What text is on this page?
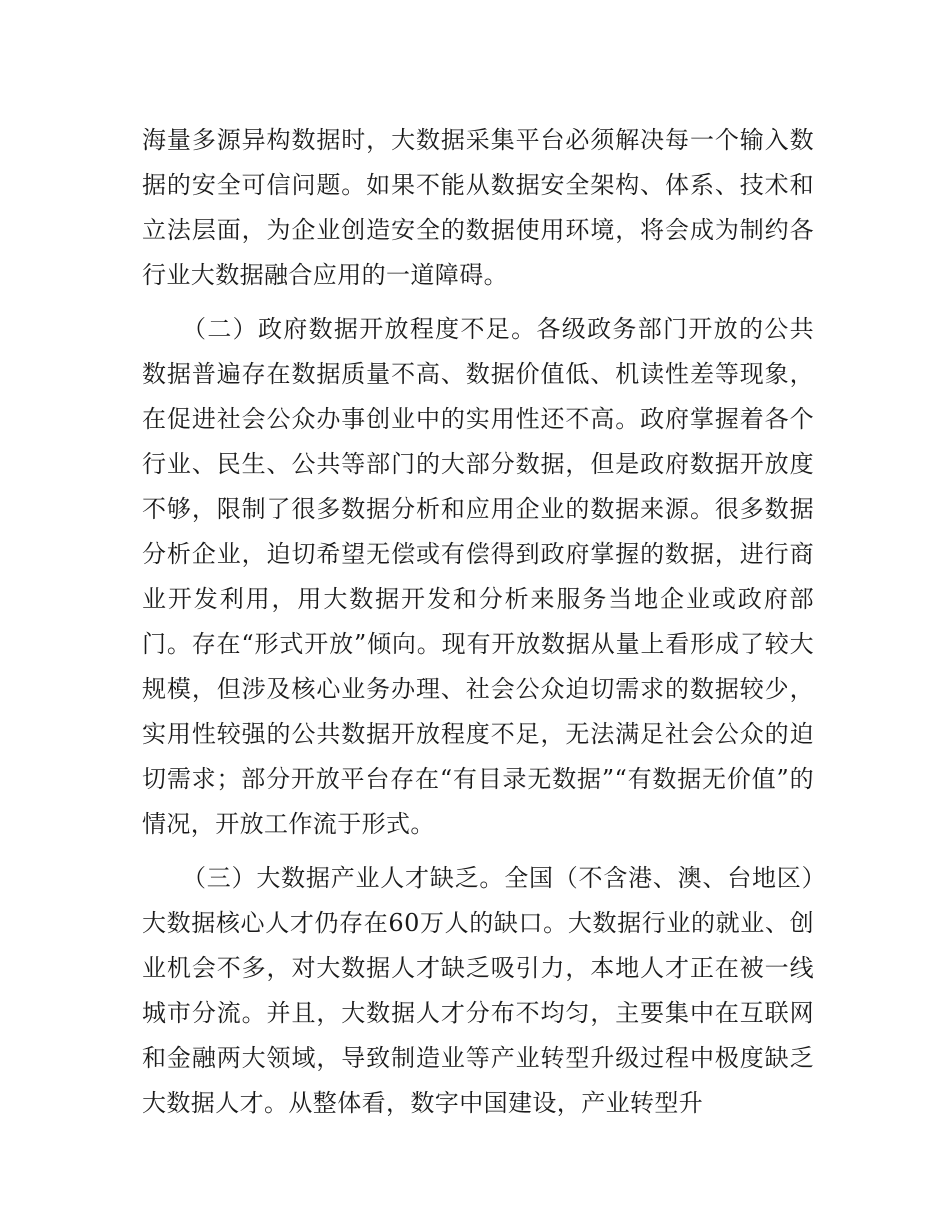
海量多源异构数据时，大数据采集平台必须解决每一个输入数据的安全可信问题。如果不能从数据安全架构、体系、技术和立法层面，为企业创造安全的数据使用环境，将会成为制约各行业大数据融合应用的一道障碍。

（二）政府数据开放程度不足。各级政务部门开放的公共数据普遍存在数据质量不高、数据价值低、机读性差等现象，在促进社会公众办事创业中的实用性还不高。政府掌握着各个行业、民生、公共等部门的大部分数据，但是政府数据开放度不够，限制了很多数据分析和应用企业的数据来源。很多数据分析企业，迫切希望无偿或有偿得到政府掌握的数据，进行商业开发利用，用大数据开发和分析来服务当地企业或政府部门。存在“形式开放”倾向。现有开放数据从量上看形成了较大规模，但涉及核心业务办理、社会公众迫切需求的数据较少，实用性较强的公共数据开放程度不足，无法满足社会公众的迫切需求；部分开放平台存在“有目录无数据”“有数据无价值”的情况，开放工作流于形式。

（三）大数据产业人才缺乏。全国（不含港、澳、台地区）大数据核心人才仍存在60万人的缺口。大数据行业的就业、创业机会不多，对大数据人才缺乏吸引力，本地人才正在被一线城市分流。并且，大数据人才分布不均匀，主要集中在互联网和金融两大领域，导致制造业等产业转型升级过程中极度缺乏大数据人才。从整体看，数字中国建设，产业转型升
